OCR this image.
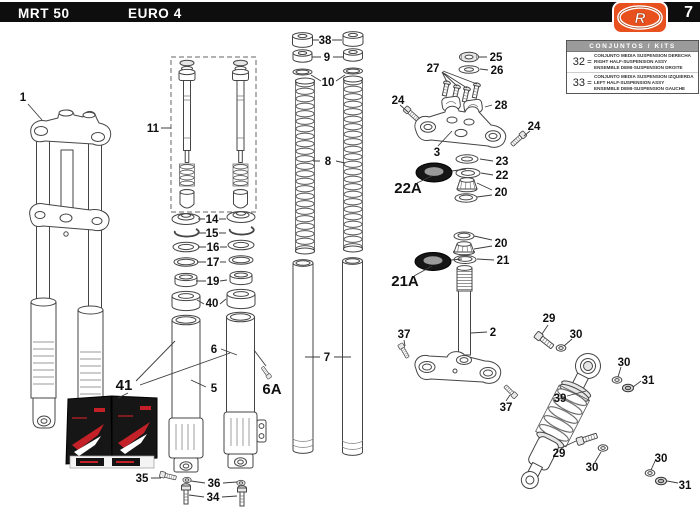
MRT 50	EURO 4	7
R
CONJUNTOS / KITS
32 =
CONJUNTO MEDIA SUSPENSION DERECHA
RIGHT HALF-SUSPENSION ASSY
ENSEMBLE DEMI-SUSPENSION DROITE
33 =
CONJUNTO MEDIA SUSPENSION IZQUIERDA
LEFT HALF-SUSPENSION ASSY
ENSEMBLE DEMI-SUSPENSION GAUCHE
1
11
38
9
10
8
14
15
16
17
19
40
6
5	6A
7
41
35	36
34
27
25
26
28
24
24
3
23
22
22A	20
20
21
21A
2
37
37
29
30
30
31
39
29
30
30
31
